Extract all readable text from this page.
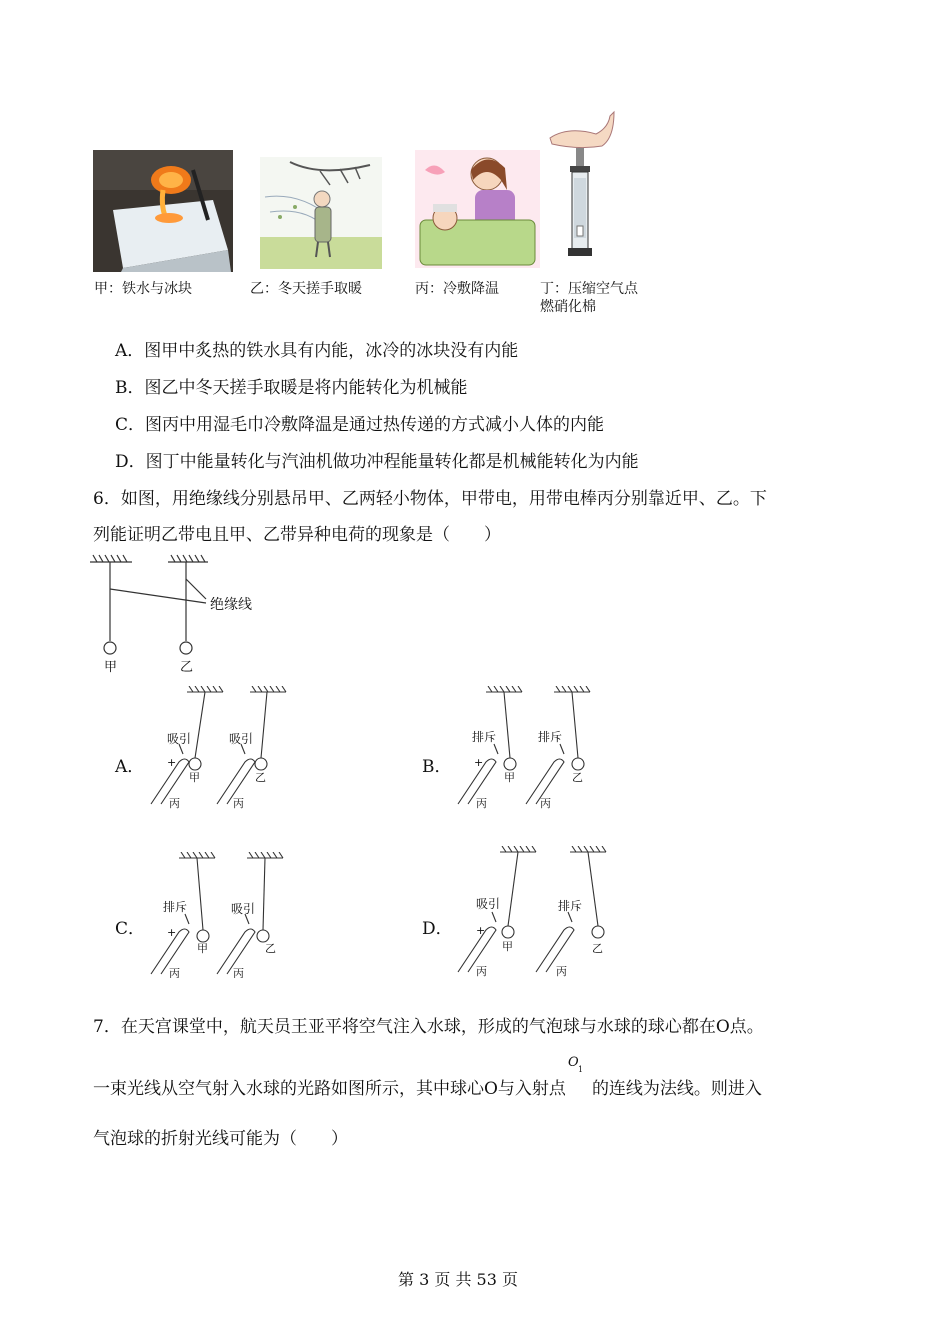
甲：铁水与冰块	乙：冬天搓手取暖	丙：冷敷降温	丁：压缩空气点
燃硝化棉
A．图甲中炙热的铁水具有内能，冰冷的冰块没有内能
B．图乙中冬天搓手取暖是将内能转化为机械能
C．图丙中用湿毛巾冷敷降温是通过热传递的方式减小人体的内能
D．图丁中能量转化与汽油机做功冲程能量转化都是机械能转化为内能
6．如图，用绝缘线分别悬吊甲、乙两轻小物体，甲带电，用带电棒丙分别靠近甲、乙。下
列能证明乙带电且甲、乙带异种电荷的现象是（　　）
绝缘线
甲	乙
A．
吸引	吸引
+
甲	乙
丙	丙
B．
排斥	排斥
+
甲	乙
丙	丙
C．
排斥	吸引
+
甲	乙
丙	丙
D．
吸引	排斥
+
甲	乙
丙	丙
7．在天宫课堂中，航天员王亚平将空气注入水球，形成的气泡球与水球的球心都在O点。
一束光线从空气射入水球的光路如图所示，其中球心O与入射点
O 1
的连线为法线。则进入
气泡球的折射光线可能为（　　）
第 3 页 共 53 页
